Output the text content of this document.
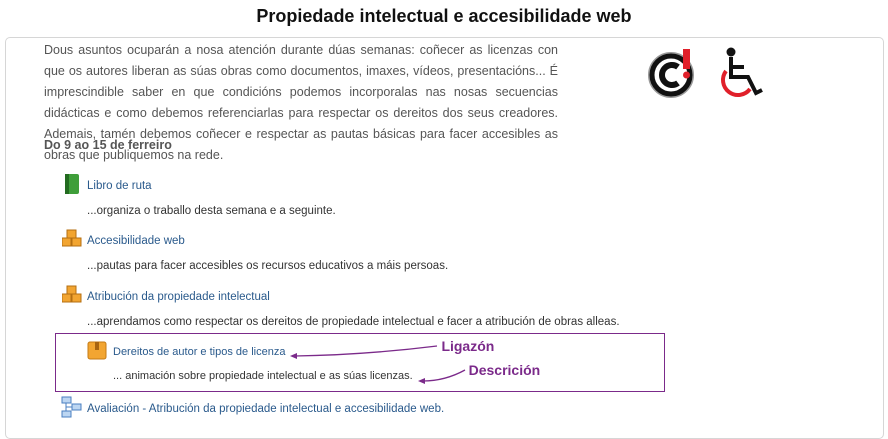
Propiedade intelectual e accesibilidade web
Dous asuntos ocuparán a nosa atención durante dúas semanas: coñecer as licenzas con que os autores liberan as súas obras como documentos, imaxes, vídeos, presentacións... É imprescindible saber en que condicións podemos incorporalas nas nosas secuencias didácticas e como debemos referenciarlas para respectar os dereitos dos seus creadores. Ademais, tamén debemos coñecer e respectar as pautas básicas para facer accesibles as obras que publiquemos na rede.
Do 9 ao 15 de ferreiro
Libro de ruta
...organiza o traballo desta semana e a seguinte.
Accesibilidade web
...pautas para facer accesibles os recursos educativos a máis persoas.
Atribución da propiedade intelectual
...aprendamos como respectar os dereitos de propiedade intelectual e facer a atribución de obras alleas.
Dereitos de autor e tipos de licenza	Ligazón
... animación sobre propiedade intelectual e as súas licenzas.	Descrición
Avaliación - Atribución da propiedade intelectual e accesibilidade web.
